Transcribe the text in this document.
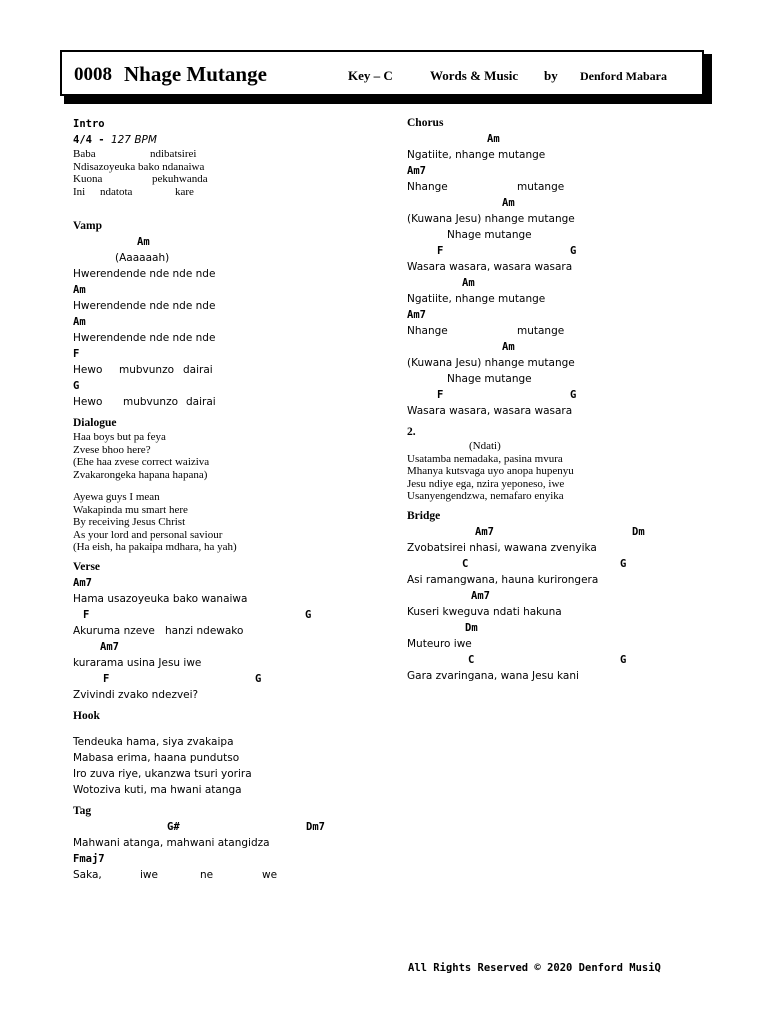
0008 Nhage Mutange	Key – C	Words & Music by Denford Mabara
Intro
4/4 - 127 BPM
Baba	ndibatsirei
Ndisazoyeuka bako ndanaiwa
Kuona	pekuhwanda
Ini ndatota	kare
Vamp
Am
(Aaaaaah)
Hwerendende nde nde nde
Am
Hwerendende nde nde nde
Am
Hwerendende nde nde nde
F
Hewo mubvunzo dairai
G
Hewo mubvunzo dairai
Dialogue
Haa boys but pa feya
Zvese bhoo here?
(Ehe haa zvese correct waiziva
Zvakarongeka hapana hapana)
Ayewa guys I mean
Wakapinda mu smart here
By receiving Jesus Christ
As your lord and personal saviour
(Ha eish, ha pakaipa mdhara, ha yah)
Verse
Am7
Hama usazoyeuka bako wanaiwa
F	G
Akuruma nzeve hanzi ndewako
Am7
kurarama usina Jesu iwe
F	G
Zvivindi zvako ndezvei?
Hook
Tendeuka hama, siya zvakaipa
Mabasa erima, haana pundutso
Iro zuva riye, ukanzwa tsuri yorira
Wotoziva kuti, ma hwani atanga
Tag
G#	Dm7
Mahwani atanga, mahwani atangidza
Fmaj7
Saka,	iwe	ne	we
Chorus
Am
Ngatiite, nhange mutange
Am7
Nhange	mutange
Am
(Kuwana Jesu) nhange mutange
Nhage mutange
F	G
Wasara wasara, wasara wasara
Am
Ngatiite, nhange mutange
Am7
Nhange	mutange
Am
(Kuwana Jesu) nhange mutange
Nhage mutange
F	G
Wasara wasara, wasara wasara
2.
(Ndati)
Usatamba nemadaka, pasina mvura
Mhanya kutsvaga uyo anopa hupenyu
Jesu ndiye ega, nzira yeponeso, iwe
Usanyengendzwa, nemafaro enyika
Bridge
Am7	Dm
Zvobatsirei nhasi, wawana zvenyika
C	G
Asi ramangwana, hauna kurirongera
Am7
Kuseri kweguva ndati hakuna
Dm
Muteuro iwe
C	G
Gara zvaringana, wana Jesu kani
All Rights Reserved © 2020 Denford MusiQ
